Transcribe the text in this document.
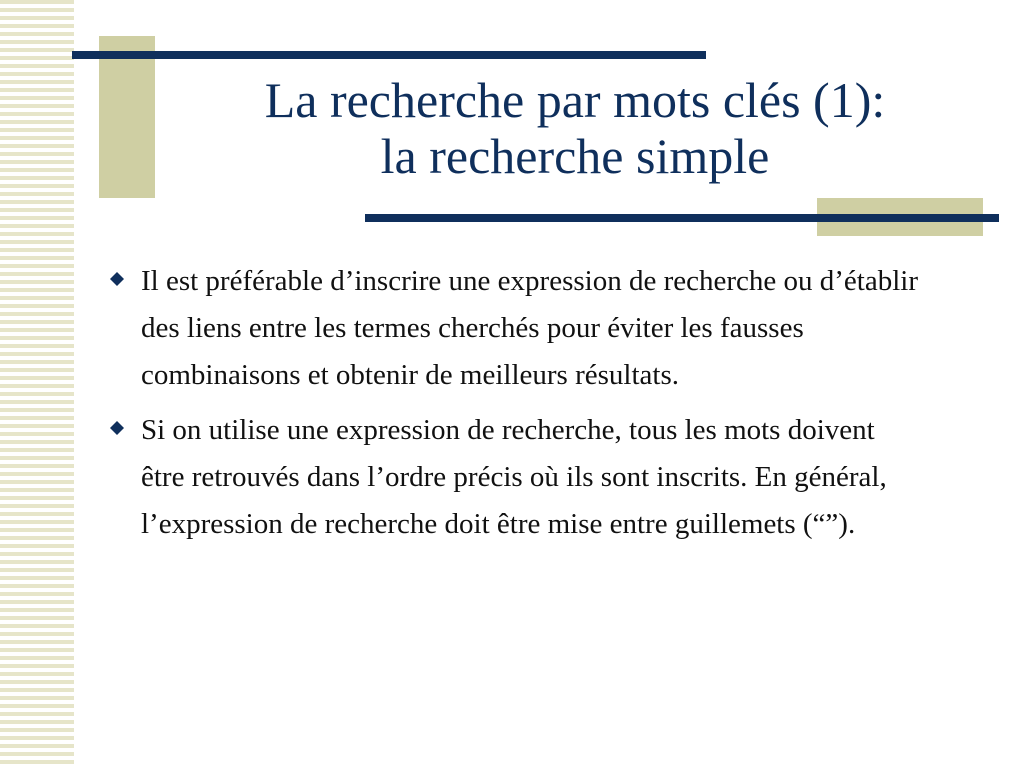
La recherche par mots clés (1):
la recherche simple
Il est préférable d’inscrire une expression de recherche ou d’établir des liens entre les termes cherchés pour éviter les fausses combinaisons et obtenir de meilleurs résultats.
Si on utilise une expression de recherche, tous les mots doivent être retrouvés dans l’ordre précis où ils sont inscrits. En général, l’expression de recherche doit être mise entre guillemets (“”).
